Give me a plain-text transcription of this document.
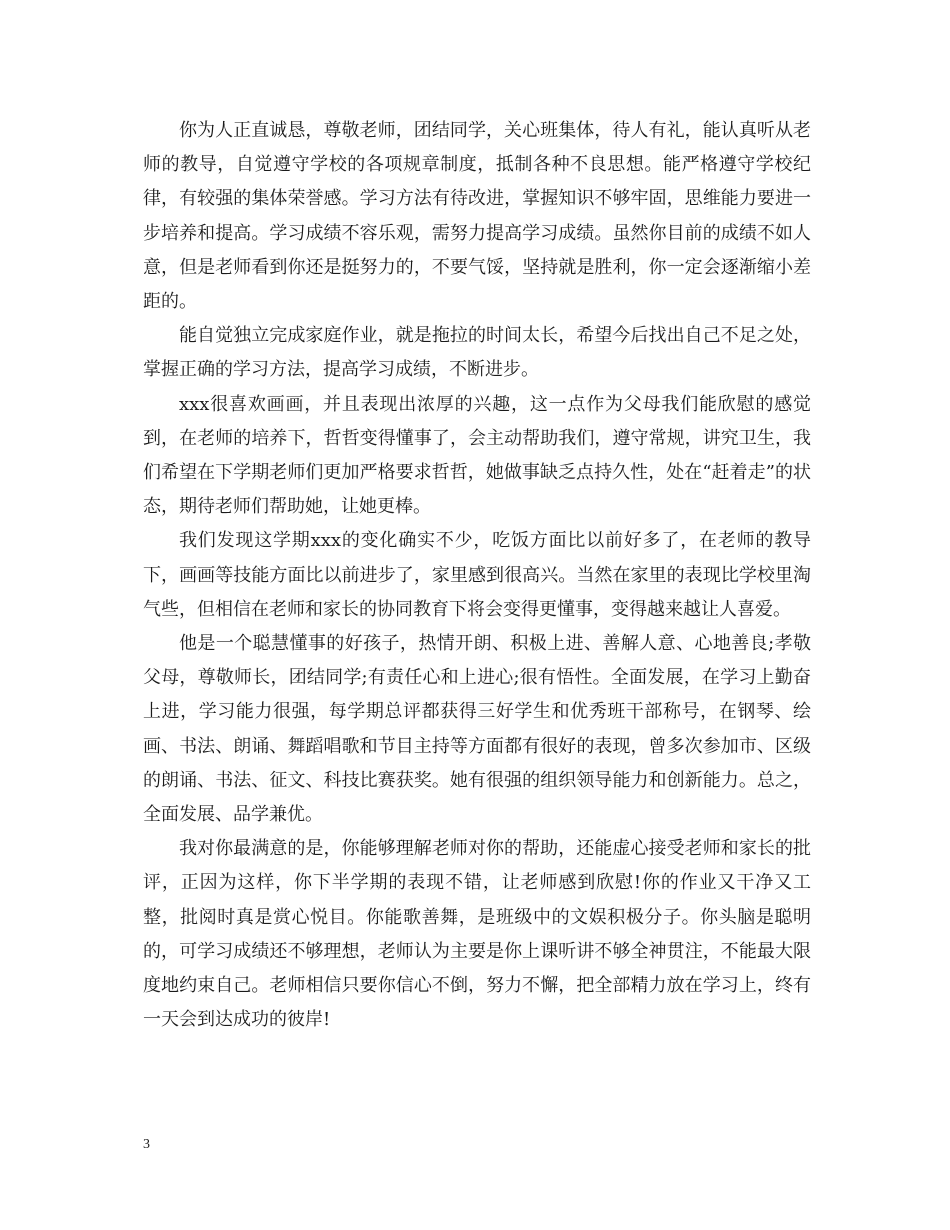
你为人正直诚恳，尊敬老师，团结同学，关心班集体，待人有礼，能认真听从老师的教导，自觉遵守学校的各项规章制度，抵制各种不良思想。能严格遵守学校纪律，有较强的集体荣誉感。学习方法有待改进，掌握知识不够牢固，思维能力要进一步培养和提高。学习成绩不容乐观，需努力提高学习成绩。虽然你目前的成绩不如人意，但是老师看到你还是挺努力的，不要气馁，坚持就是胜利，你一定会逐渐缩小差距的。

能自觉独立完成家庭作业，就是拖拉的时间太长，希望今后找出自己不足之处，掌握正确的学习方法，提高学习成绩，不断进步。

xxx很喜欢画画，并且表现出浓厚的兴趣，这一点作为父母我们能欣慰的感觉到，在老师的培养下，哲哲变得懂事了，会主动帮助我们，遵守常规，讲究卫生，我们希望在下学期老师们更加严格要求哲哲，她做事缺乏点持久性，处在“赶着走”的状态，期待老师们帮助她，让她更棒。

我们发现这学期xxx的变化确实不少，吃饭方面比以前好多了，在老师的教导下，画画等技能方面比以前进步了，家里感到很高兴。当然在家里的表现比学校里淘气些，但相信在老师和家长的协同教育下将会变得更懂事，变得越来越让人喜爱。

他是一个聪慧懂事的好孩子，热情开朗、积极上进、善解人意、心地善良;孝敬父母，尊敬师长，团结同学;有责任心和上进心;很有悟性。全面发展，在学习上勤奋上进，学习能力很强，每学期总评都获得三好学生和优秀班干部称号，在钢琴、绘画、书法、朗诵、舞蹈唱歌和节目主持等方面都有很好的表现，曾多次参加市、区级的朗诵、书法、征文、科技比赛获奖。她有很强的组织领导能力和创新能力。总之，全面发展、品学兼优。

我对你最满意的是，你能够理解老师对你的帮助，还能虚心接受老师和家长的批评，正因为这样，你下半学期的表现不错，让老师感到欣慰!你的作业又干净又工整，批阅时真是赏心悦目。你能歌善舞，是班级中的文娱积极分子。你头脑是聪明的，可学习成绩还不够理想，老师认为主要是你上课听讲不够全神贯注，不能最大限度地约束自己。老师相信只要你信心不倒，努力不懈，把全部精力放在学习上，终有一天会到达成功的彼岸!

3
